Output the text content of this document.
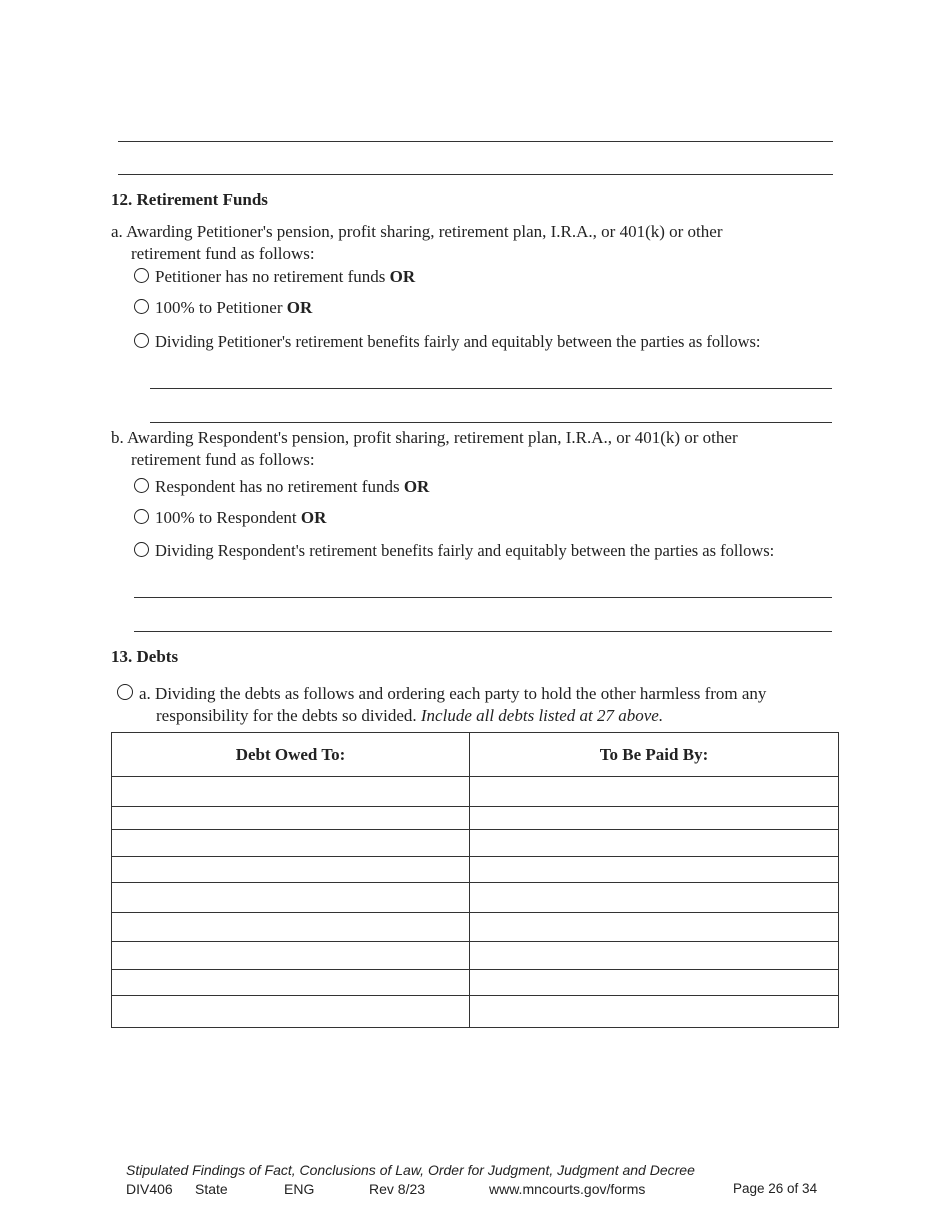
12. Retirement Funds
a. Awarding Petitioner's pension, profit sharing, retirement plan, I.R.A., or 401(k) or other
retirement fund as follows:
Petitioner has no retirement funds OR
100% to Petitioner OR
Dividing Petitioner's retirement benefits fairly and equitably between the parties as follows:
b. Awarding Respondent's pension, profit sharing, retirement plan, I.R.A., or 401(k) or other
retirement fund as follows:
Respondent has no retirement funds OR
100% to Respondent OR
Dividing Respondent's retirement benefits fairly and equitably between the parties as follows:
13. Debts
a. Dividing the debts as follows and ordering each party to hold the other harmless from any
responsibility for the debts so divided. Include all debts listed at 27 above.
Debt Owed To:	To Be Paid By:

Stipulated Findings of Fact, Conclusions of Law, Order for Judgment, Judgment and Decree
DIV406 State	ENG	Rev 8/23	www.mncourts.gov/forms	Page 26 of 34
